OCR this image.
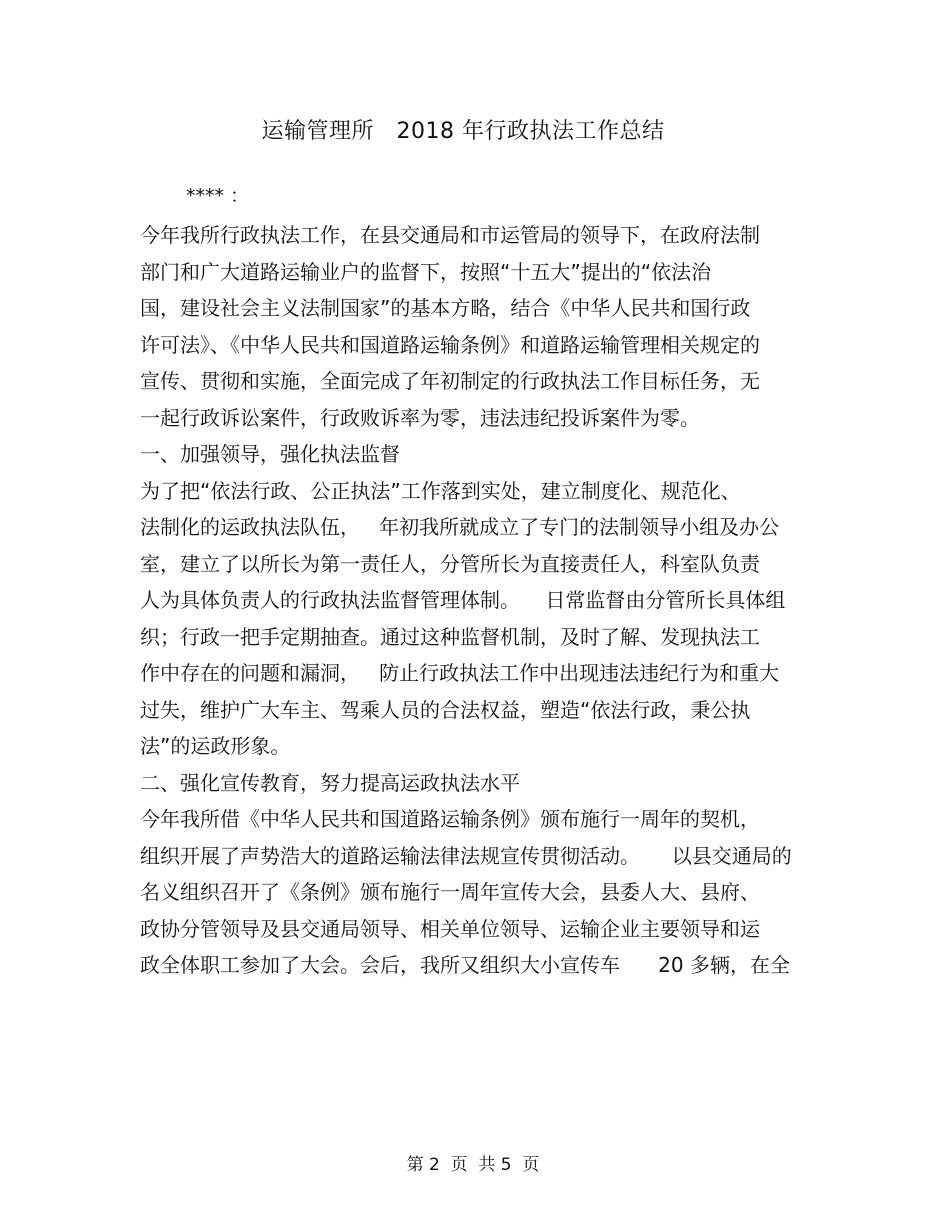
运输管理所   2018 年行政执法工作总结
**** ：
今年我所行政执法工作，在县交通局和市运管局的领导下，在政府法制
部门和广大道路运输业户的监督下，按照“十五大”提出的“依法治
国，建设社会主义法制国家”的基本方略，结合《中华人民共和国行政
许可法》、《中华人民共和国道路运输条例》和道路运输管理相关规定的
宣传、贯彻和实施，全面完成了年初制定的行政执法工作目标任务，无
一起行政诉讼案件，行政败诉率为零，违法违纪投诉案件为零。
一、加强领导，强化执法监督
为了把“依法行政、公正执法”工作落到实处，建立制度化、规范化、
法制化的运政执法队伍，   年初我所就成立了专门的法制领导小组及办公
室，建立了以所长为第一责任人，分管所长为直接责任人，科室队负责
人为具体负责人的行政执法监督管理体制。    日常监督由分管所长具体组
织；行政一把手定期抽查。通过这种监督机制，及时了解、发现执法工
作中存在的问题和漏洞，   防止行政执法工作中出现违法违纪行为和重大
过失，维护广大车主、驾乘人员的合法权益，塑造“依法行政，秉公执
法”的运政形象。
二、强化宣传教育，努力提高运政执法水平
今年我所借《中华人民共和国道路运输条例》颁布施行一周年的契机，
组织开展了声势浩大的道路运输法律法规宣传贯彻活动。     以县交通局的
名义组织召开了《条例》颁布施行一周年宣传大会，县委人大、县府、
政协分管领导及县交通局领导、相关单位领导、运输企业主要领导和运
政全体职工参加了大会。会后，我所又组织大小宣传车      20 多辆，在全
第 2  页  共 5  页
